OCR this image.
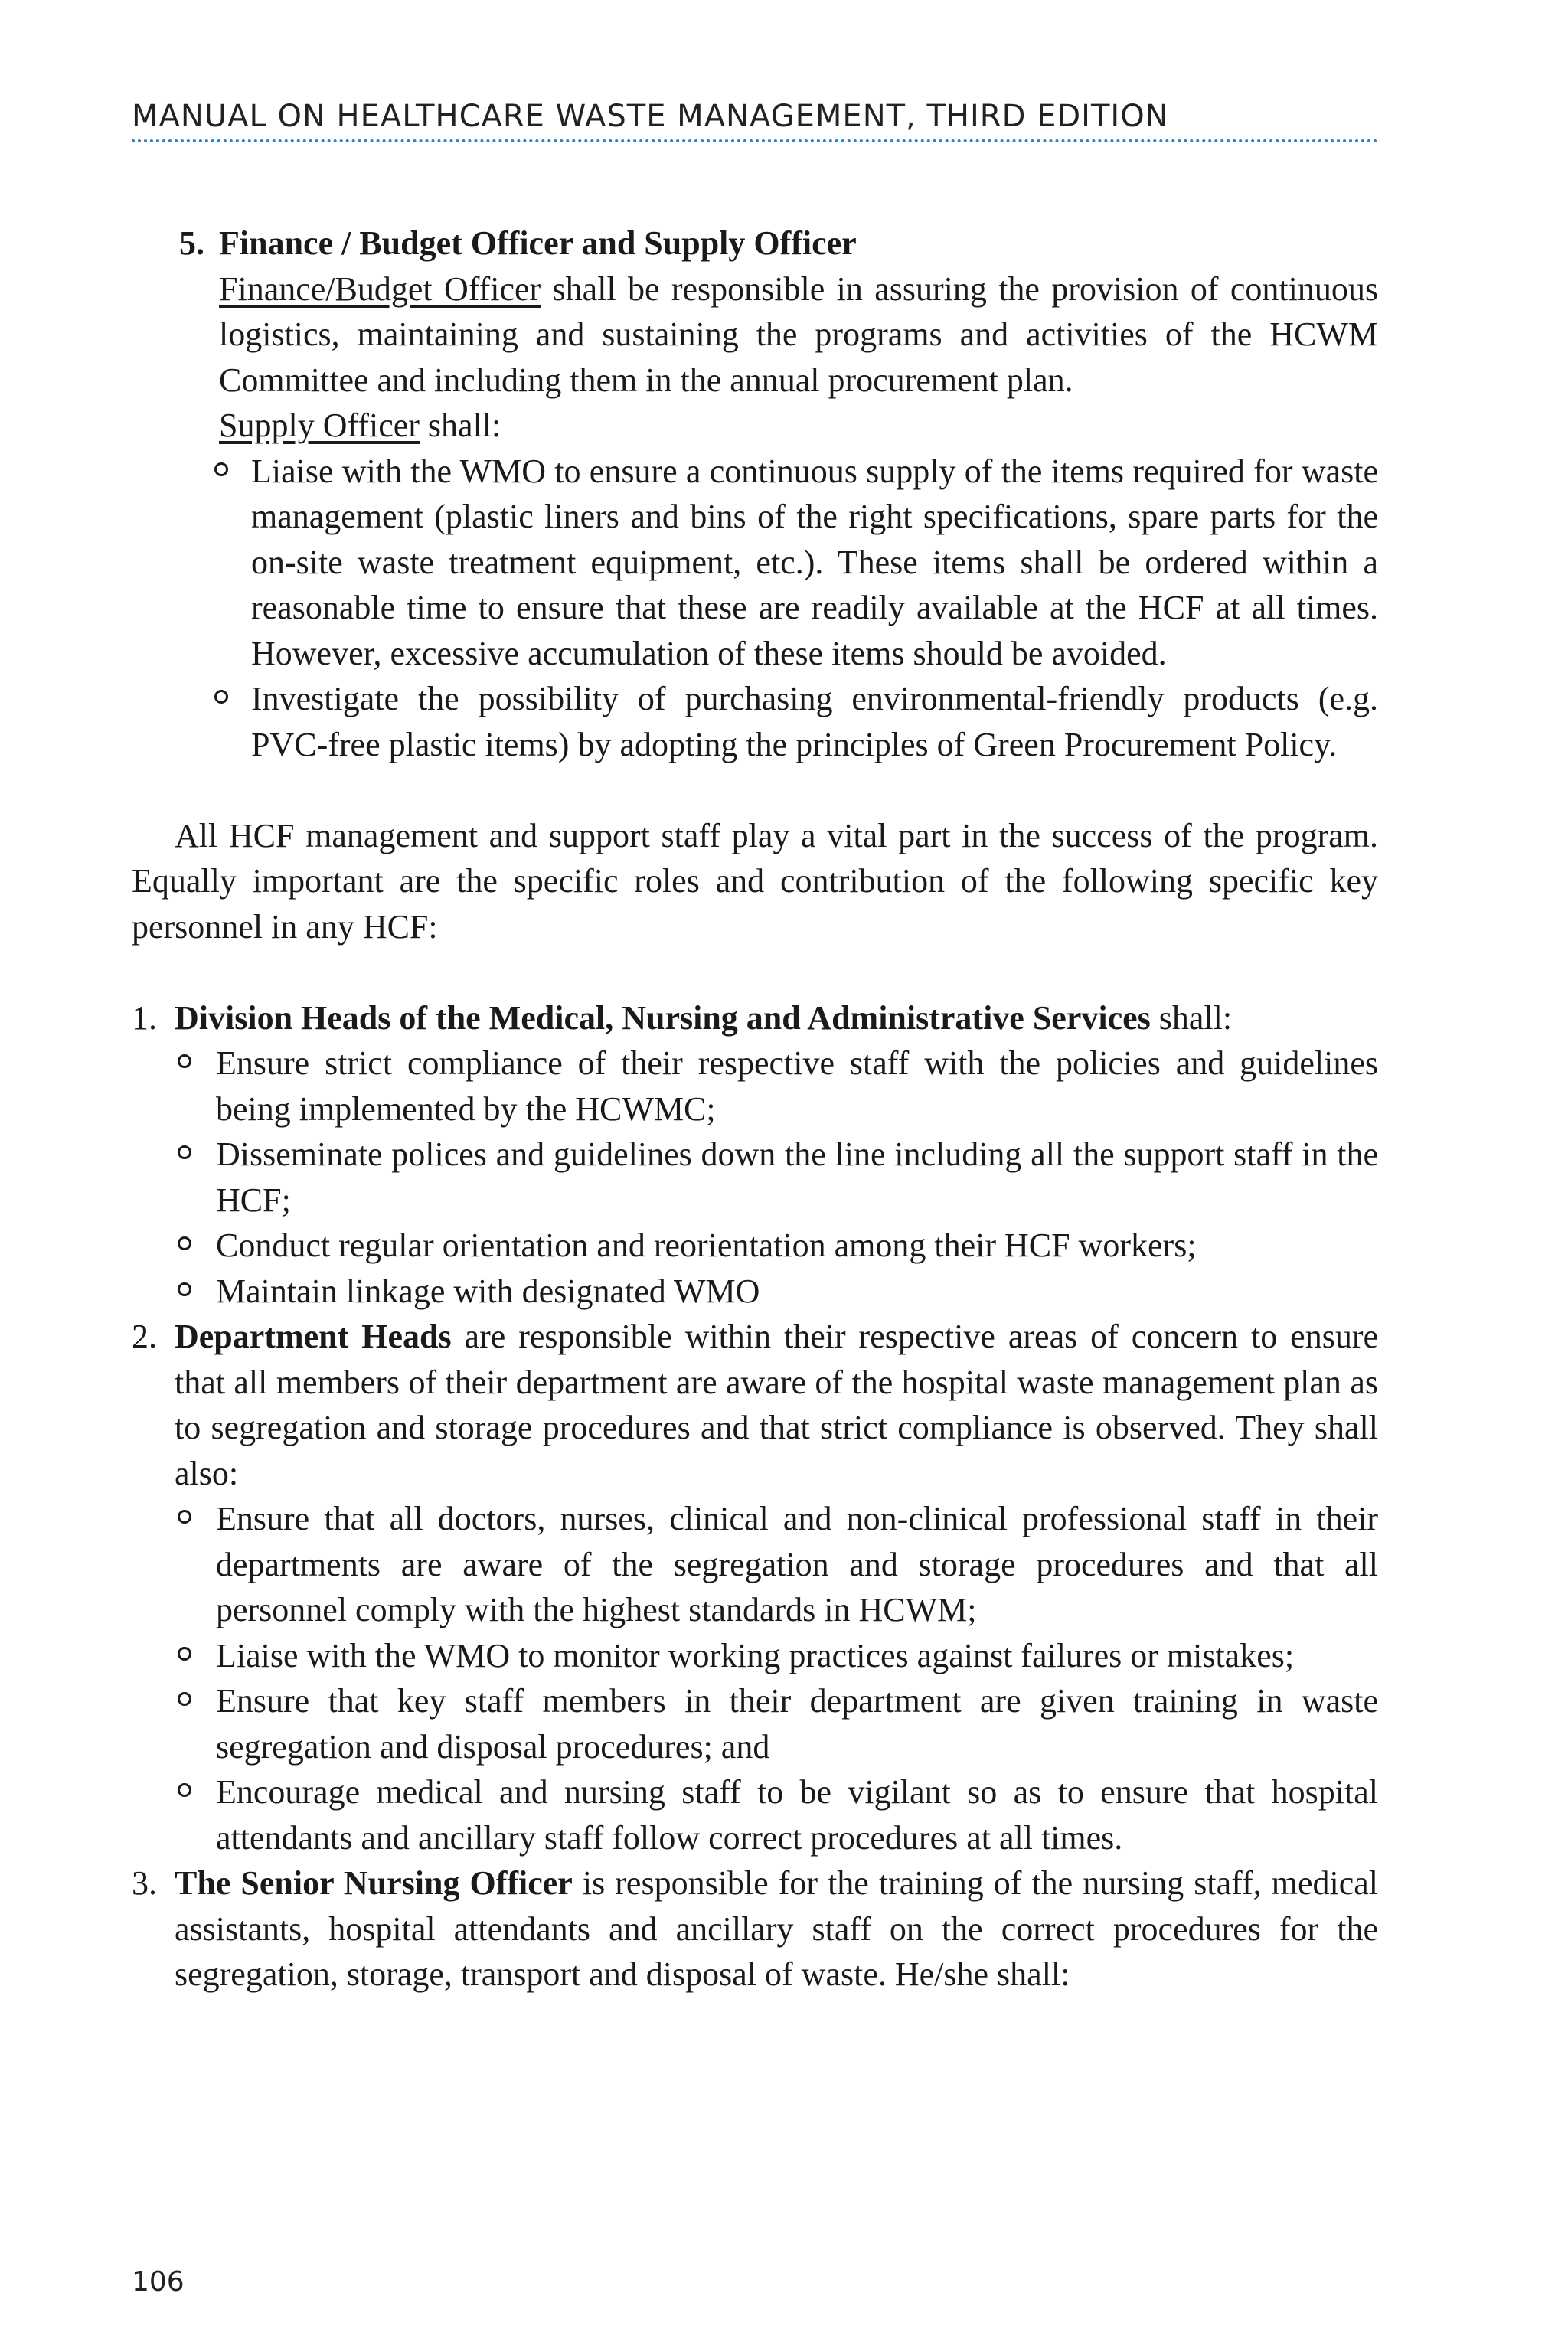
MANUAL ON HEALTHCARE WASTE MANAGEMENT, THIRD EDITION
5. Finance / Budget Officer and Supply Officer
Finance/Budget Officer shall be responsible in assuring the provision of continuous logistics, maintaining and sustaining the programs and activities of the HCWM Committee and including them in the annual procurement plan.
Supply Officer shall:
Liaise with the WMO to ensure a continuous supply of the items required for waste management (plastic liners and bins of the right specifications, spare parts for the on-site waste treatment equipment, etc.). These items shall be ordered within a reasonable time to ensure that these are readily available at the HCF at all times. However, excessive accumulation of these items should be avoided.
Investigate the possibility of purchasing environmental-friendly products (e.g. PVC-free plastic items) by adopting the principles of Green Procurement Policy.
All HCF management and support staff play a vital part in the success of the program. Equally important are the specific roles and contribution of the following specific key personnel in any HCF:
1. Division Heads of the Medical, Nursing and Administrative Services shall:
Ensure strict compliance of their respective staff with the policies and guidelines being implemented by the HCWMC;
Disseminate polices and guidelines down the line including all the support staff in the HCF;
Conduct regular orientation and reorientation among their HCF workers;
Maintain linkage with designated WMO
2. Department Heads are responsible within their respective areas of concern to ensure that all members of their department are aware of the hospital waste management plan as to segregation and storage procedures and that strict compliance is observed. They shall also:
Ensure that all doctors, nurses, clinical and non-clinical professional staff in their departments are aware of the segregation and storage procedures and that all personnel comply with the highest standards in HCWM;
Liaise with the WMO to monitor working practices against failures or mistakes;
Ensure that key staff members in their department are given training in waste segregation and disposal procedures; and
Encourage medical and nursing staff to be vigilant so as to ensure that hospital attendants and ancillary staff follow correct procedures at all times.
3. The Senior Nursing Officer is responsible for the training of the nursing staff, medical assistants, hospital attendants and ancillary staff on the correct procedures for the segregation, storage, transport and disposal of waste. He/she shall:
106
